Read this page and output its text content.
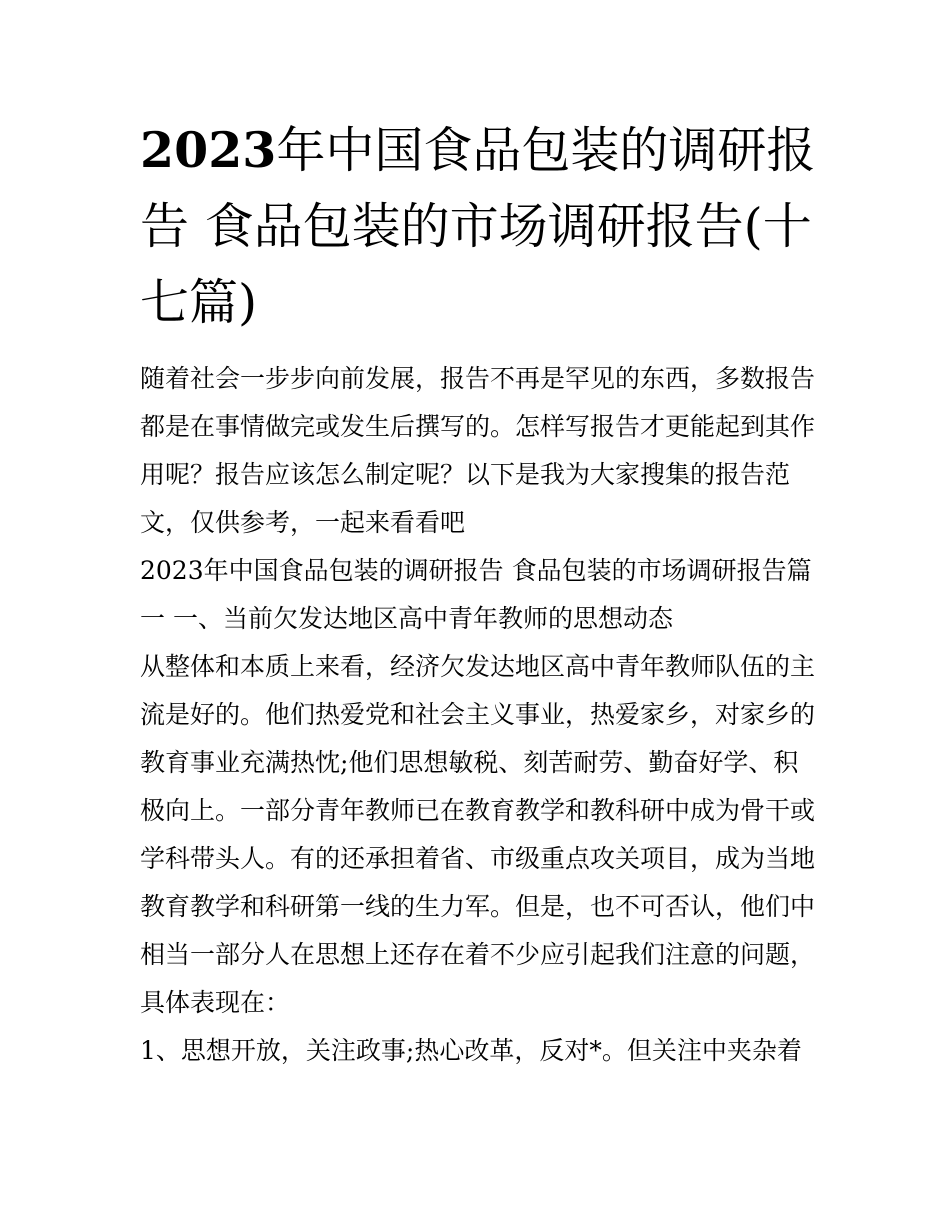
2023年中国食品包装的调研报告 食品包装的市场调研报告(十七篇)

随着社会一步步向前发展，报告不再是罕见的东西，多数报告都是在事情做完或发生后撰写的。怎样写报告才更能起到其作用呢？报告应该怎么制定呢？以下是我为大家搜集的报告范文，仅供参考，一起来看看吧

2023年中国食品包装的调研报告 食品包装的市场调研报告篇一 一、当前欠发达地区高中青年教师的思想动态

从整体和本质上来看，经济欠发达地区高中青年教师队伍的主流是好的。他们热爱党和社会主义事业，热爱家乡，对家乡的教育事业充满热忱;他们思想敏税、刻苦耐劳、勤奋好学、积极向上。一部分青年教师已在教育教学和教科研中成为骨干或学科带头人。有的还承担着省、市级重点攻关项目，成为当地教育教学和科研第一线的生力军。但是，也不可否认，他们中相当一部分人在思想上还存在着不少应引起我们注意的问题，具体表现在：

1、思想开放，关注政事;热心改革，反对*。但关注中夹杂着
